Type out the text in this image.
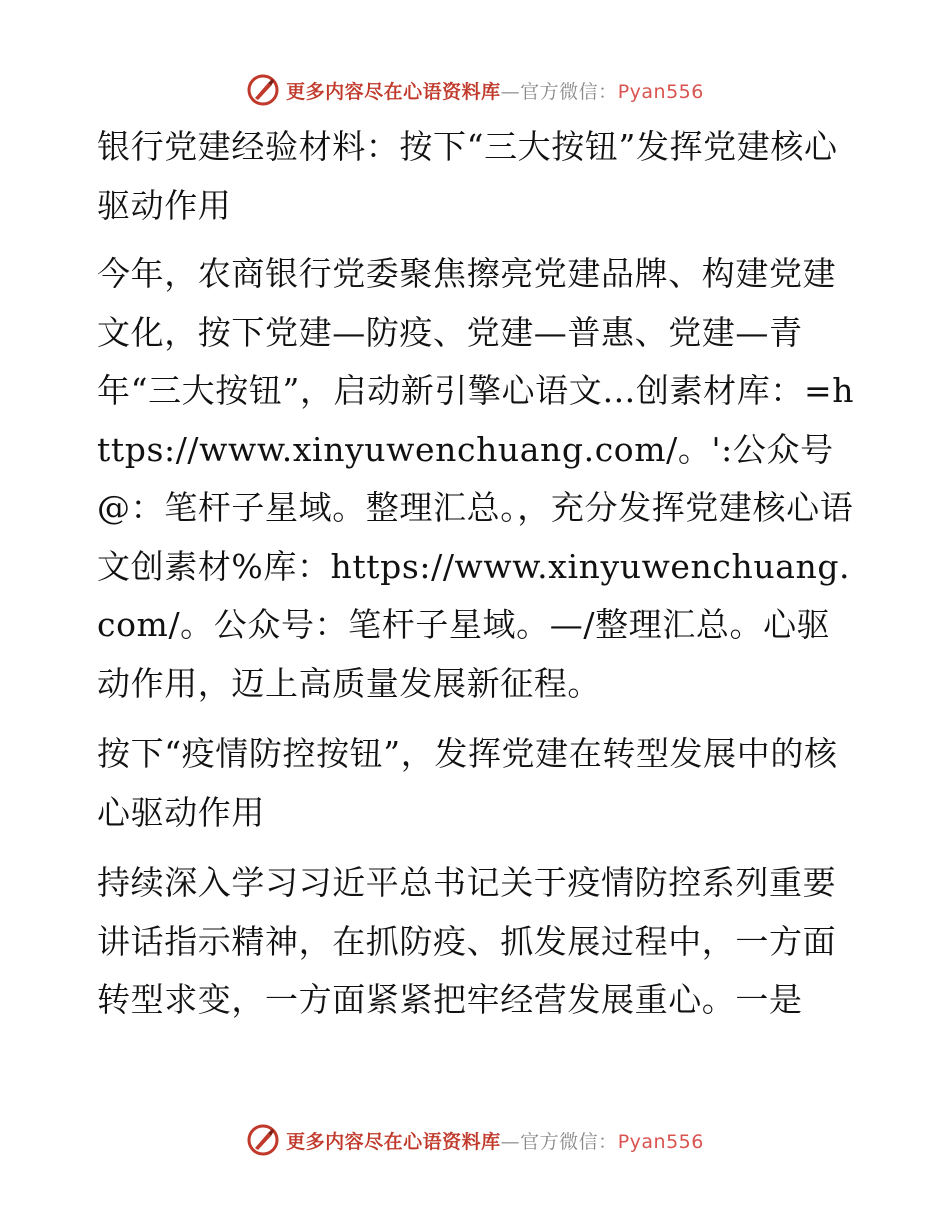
更多内容尽在心语资料库—官方微信：Pyan556

银行党建经验材料：按下“三大按钮”发挥党建核心驱动作用

今年，农商银行党委聚焦擦亮党建品牌、构建党建文化，按下党建—防疫、党建—普惠、党建—青年“三大按钮”，启动新引擎心语文…创素材库：=https://www.xinyuwenchuang.com/。':公众号@：笔杆子星域。整理汇总。，充分发挥党建核心语文创素材%库：https://www.xinyuwenchuang.com/。公众号：笔杆子星域。—/整理汇总。心驱动作用，迈上高质量发展新征程。

按下“疫情防控按钮”，发挥党建在转型发展中的核心驱动作用

持续深入学习习近平总书记关于疫情防控系列重要讲话指示精神，在抓防疫、抓发展过程中，一方面转型求变，一方面紧紧把牢经营发展重心。一是

更多内容尽在心语资料库—官方微信：Pyan556
